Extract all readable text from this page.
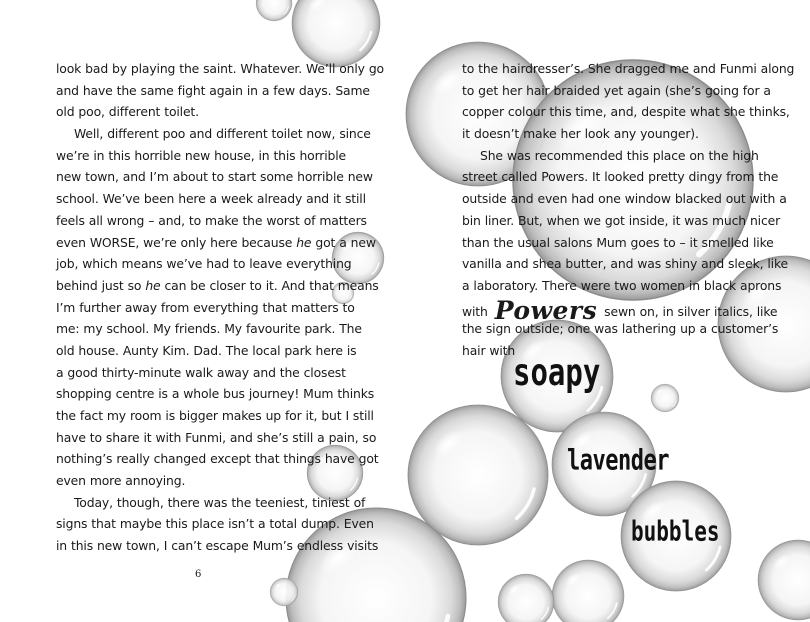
look bad by playing the saint. Whatever. We’ll only go
and have the same fight again in a few days. Same
old poo, different toilet.
Well, different poo and different toilet now, since
we’re in this horrible new house, in this horrible
new town, and I’m about to start some horrible new
school. We’ve been here a week already and it still
feels all wrong – and, to make the worst of matters
even WORSE, we’re only here because he got a new
job, which means we’ve had to leave everything
behind just so he can be closer to it. And that means
I’m further away from everything that matters to
me: my school. My friends. My favourite park. The
old house. Aunty Kim. Dad. The local park here is
a good thirty-minute walk away and the closest
shopping centre is a whole bus journey! Mum thinks
the fact my room is bigger makes up for it, but I still
have to share it with Funmi, and she’s still a pain, so
nothing’s really changed except that things have got
even more annoying.
Today, though, there was the teeniest, tiniest of
signs that maybe this place isn’t a total dump. Even
in this new town, I can’t escape Mum’s endless visits
6
to the hairdresser’s. She dragged me and Funmi along
to get her hair braided yet again (she’s going for a
copper colour this time, and, despite what she thinks,
it doesn’t make her look any younger).
She was recommended this place on the high
street called Powers. It looked pretty dingy from the
outside and even had one window blacked out with a
bin liner. But, when we got inside, it was much nicer
than the usual salons Mum goes to – it smelled like
vanilla and shea butter, and was shiny and sleek, like
a laboratory. There were two women in black aprons
with Powers sewn on, in silver italics, like
the sign outside; one was lathering up a customer’s
hair with
soapy
lavender
bubbles
